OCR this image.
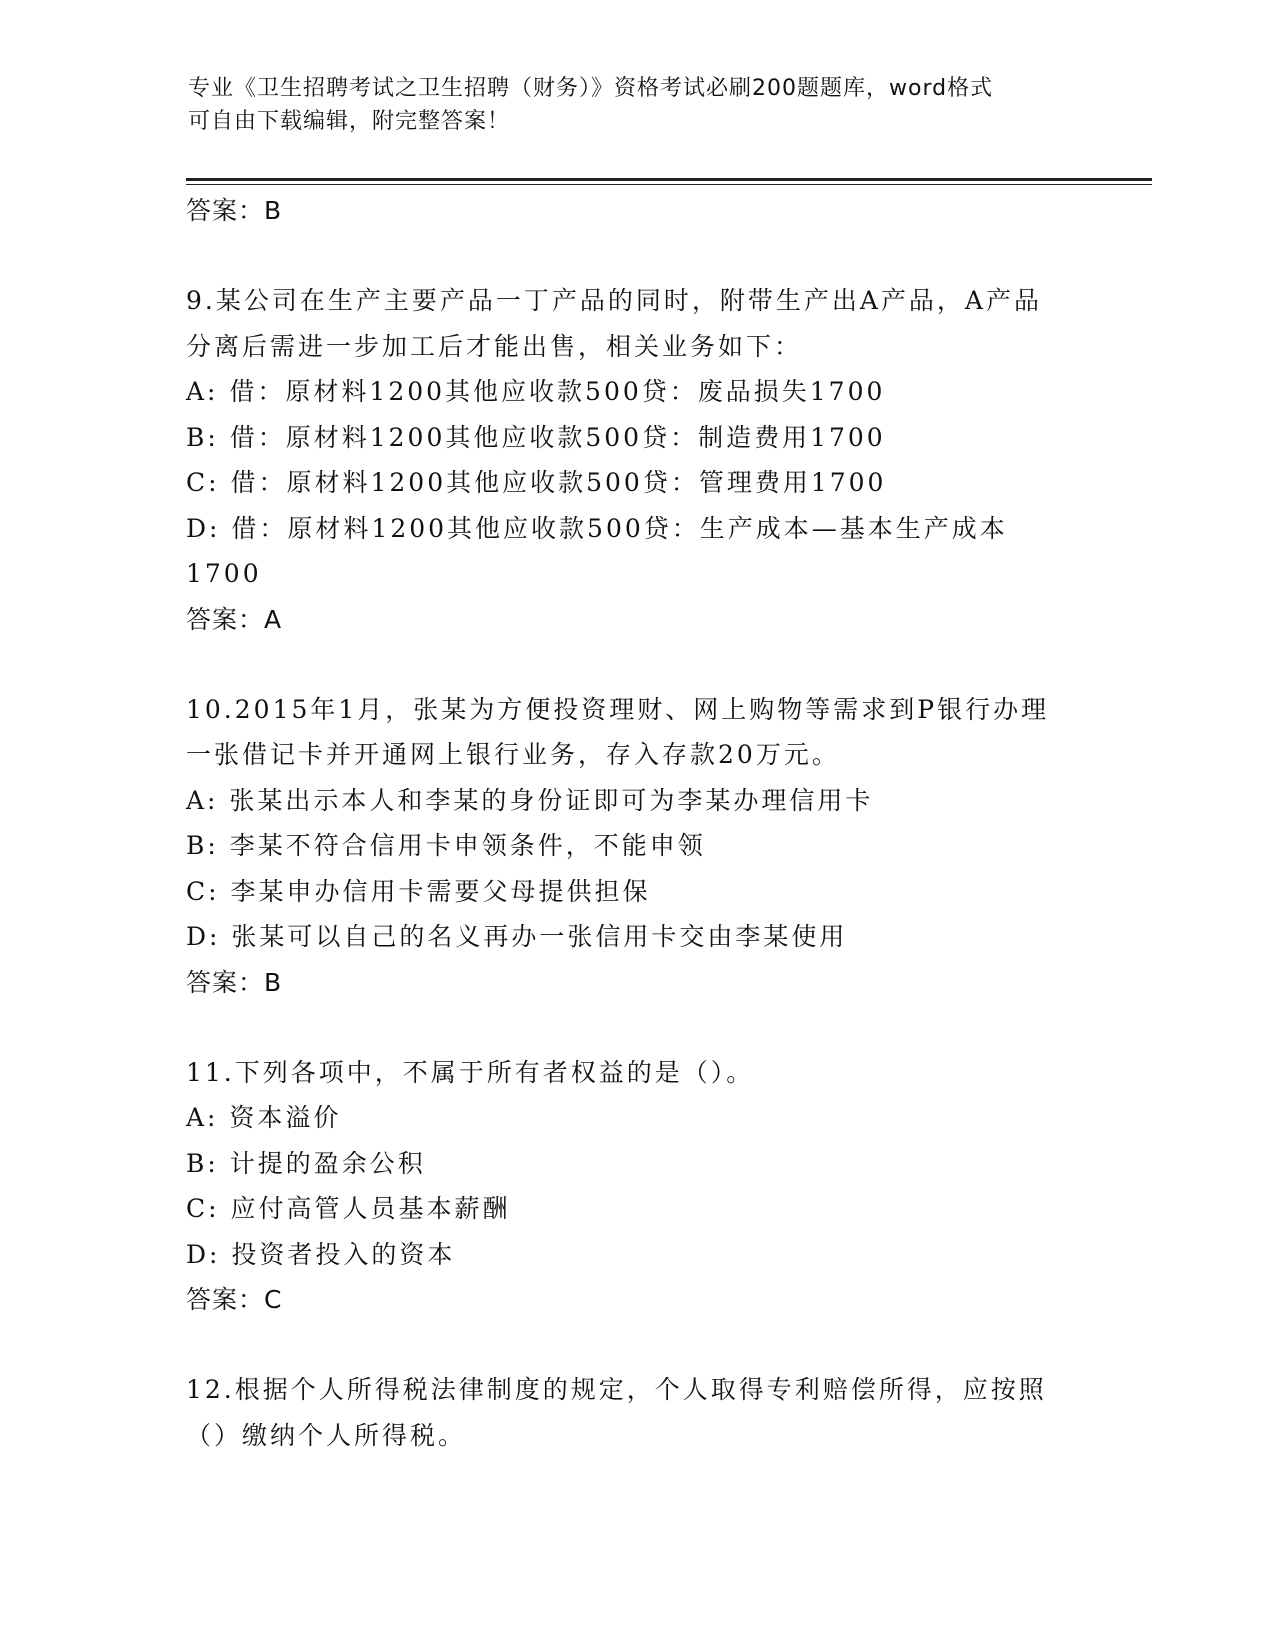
专业《卫生招聘考试之卫生招聘（财务）》资格考试必刷200题题库，word格式
可自由下载编辑，附完整答案！
答案：B
9.某公司在生产主要产品一丁产品的同时，附带生产出A产品，A产品
分离后需进一步加工后才能出售，相关业务如下：
A: 借：原材料1200其他应收款500贷：废品损失1700
B: 借：原材料1200其他应收款500贷：制造费用1700
C: 借：原材料1200其他应收款500贷：管理费用1700
D: 借：原材料1200其他应收款500贷：生产成本—基本生产成本
1700
答案：A
10.2015年1月，张某为方便投资理财、网上购物等需求到P银行办理
一张借记卡并开通网上银行业务，存入存款20万元。
A: 张某出示本人和李某的身份证即可为李某办理信用卡
B: 李某不符合信用卡申领条件，不能申领
C: 李某申办信用卡需要父母提供担保
D: 张某可以自己的名义再办一张信用卡交由李某使用
答案：B
11.下列各项中，不属于所有者权益的是（）。
A: 资本溢价
B: 计提的盈余公积
C: 应付高管人员基本薪酬
D: 投资者投入的资本
答案：C
12.根据个人所得税法律制度的规定，个人取得专利赔偿所得，应按照
（）缴纳个人所得税。
